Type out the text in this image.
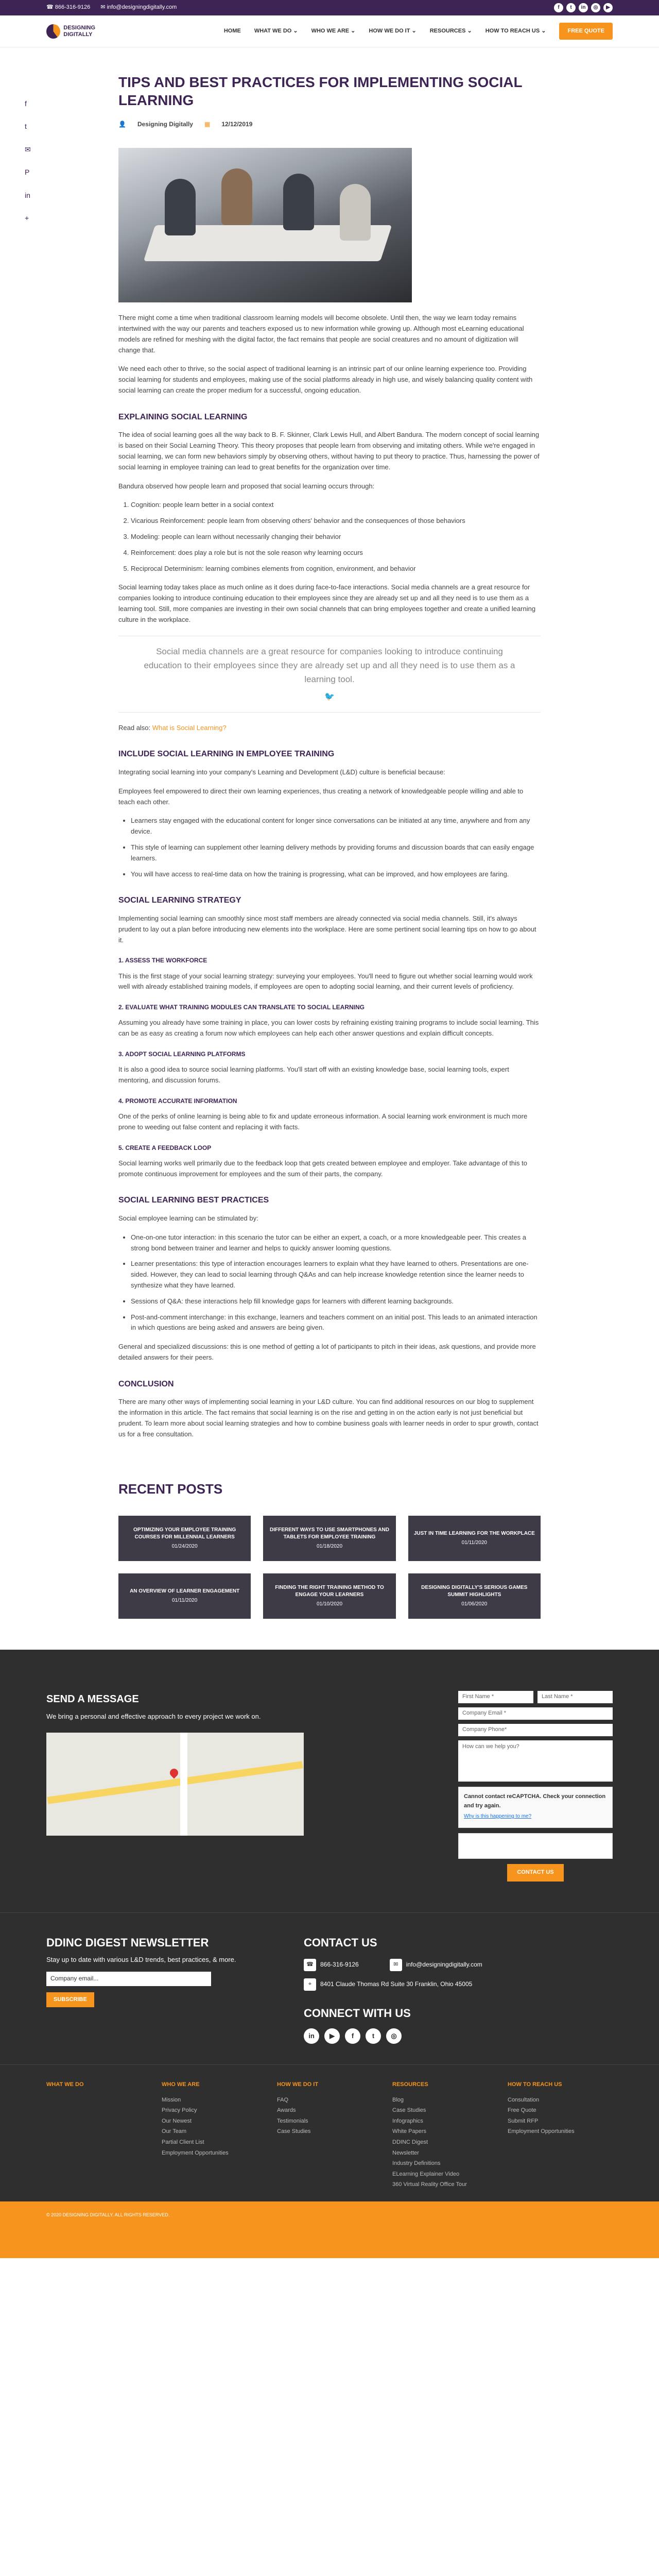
☎ 866-316-9126 ✉ info@designingdigitally.com	f	t	in	◎	▶
DESIGNING
DIGITALLY
HOME WHAT WE DO ⌄ WHO WE ARE ⌄ HOW WE DO IT ⌄ RESOURCES ⌄ HOW TO REACH US ⌄	FREE QUOTE
f
t
✉
P
in
+
TIPS AND BEST PRACTICES FOR IMPLEMENTING SOCIAL LEARNING
👤 Designing Digitally ▦ 12/12/2019

There might come a time when traditional classroom learning models will become obsolete. Until then, the way we learn today remains intertwined with the way our parents and teachers exposed us to new information while growing up. Although most eLearning educational models are refined for meshing with the digital factor, the fact remains that people are social creatures and no amount of digitization will change that.

We need each other to thrive, so the social aspect of traditional learning is an intrinsic part of our online learning experience too. Providing social learning for students and employees, making use of the social platforms already in high use, and wisely balancing quality content with social learning can create the proper medium for a successful, ongoing education.

EXPLAINING SOCIAL LEARNING

The idea of social learning goes all the way back to B. F. Skinner, Clark Lewis Hull, and Albert Bandura. The modern concept of social learning is based on their Social Learning Theory. This theory proposes that people learn from observing and imitating others. While we're engaged in social learning, we can form new behaviors simply by observing others, without having to put theory to practice. Thus, harnessing the power of social learning in employee training can lead to great benefits for the organization over time.

Bandura observed how people learn and proposed that social learning occurs through:

1. Cognition: people learn better in a social context
2. Vicarious Reinforcement: people learn from observing others' behavior and the consequences of those behaviors
3. Modeling: people can learn without necessarily changing their behavior
4. Reinforcement: does play a role but is not the sole reason why learning occurs
5. Reciprocal Determinism: learning combines elements from cognition, environment, and behavior

Social learning today takes place as much online as it does during face-to-face interactions. Social media channels are a great resource for companies looking to introduce continuing education to their employees since they are already set up and all they need is to use them as a learning tool. Still, more companies are investing in their own social channels that can bring employees together and create a unified learning culture in the workplace.

Social media channels are a great resource for companies looking to introduce continuing education to their employees since they are already set up and all they need is to use them as a learning tool.
🐦

Read also: What is Social Learning?

INCLUDE SOCIAL LEARNING IN EMPLOYEE TRAINING

Integrating social learning into your company's Learning and Development (L&D) culture is beneficial because:

Employees feel empowered to direct their own learning experiences, thus creating a network of knowledgeable people willing and able to teach each other.

• Learners stay engaged with the educational content for longer since conversations can be initiated at any time, anywhere and from any device.
• This style of learning can supplement other learning delivery methods by providing forums and discussion boards that can easily engage learners.
• You will have access to real-time data on how the training is progressing, what can be improved, and how employees are faring.
SOCIAL LEARNING STRATEGY

Implementing social learning can smoothly since most staff members are already connected via social media channels. Still, it's always prudent to lay out a plan before introducing new elements into the workplace. Here are some pertinent social learning tips on how to go about it.

1. ASSESS THE WORKFORCE

This is the first stage of your social learning strategy: surveying your employees. You'll need to figure out whether social learning would work well with already established training models, if employees are open to adopting social learning, and their current levels of proficiency.

2. EVALUATE WHAT TRAINING MODULES CAN TRANSLATE TO SOCIAL LEARNING

Assuming you already have some training in place, you can lower costs by refraining existing training programs to include social learning. This can be as easy as creating a forum now which employees can help each other answer questions and explain difficult concepts.

3. ADOPT SOCIAL LEARNING PLATFORMS

It is also a good idea to source social learning platforms. You'll start off with an existing knowledge base, social learning tools, expert mentoring, and discussion forums.

4. PROMOTE ACCURATE INFORMATION

One of the perks of online learning is being able to fix and update erroneous information. A social learning work environment is much more prone to weeding out false content and replacing it with facts.

5. CREATE A FEEDBACK LOOP

Social learning works well primarily due to the feedback loop that gets created between employee and employer. Take advantage of this to promote continuous improvement for employees and the sum of their parts, the company.

SOCIAL LEARNING BEST PRACTICES

Social employee learning can be stimulated by:

• One-on-one tutor interaction: in this scenario the tutor can be either an expert, a coach, or a more knowledgeable peer. This creates a strong bond between trainer and learner and helps to quickly answer looming questions.
• Learner presentations: this type of interaction encourages learners to explain what they have learned to others. Presentations are one-sided. However, they can lead to social learning through Q&As and can help increase knowledge retention since the learner needs to synthesize what they have learned.
• Sessions of Q&A: these interactions help fill knowledge gaps for learners with different learning backgrounds.
• Post-and-comment interchange: in this exchange, learners and teachers comment on an initial post. This leads to an animated interaction in which questions are being asked and answers are being given.

General and specialized discussions: this is one method of getting a lot of participants to pitch in their ideas, ask questions, and provide more detailed answers for their peers.

CONCLUSION

There are many other ways of implementing social learning in your L&D culture. You can find additional resources on our blog to supplement the information in this article. The fact remains that social learning is on the rise and getting in on the action early is not just beneficial but prudent. To learn more about social learning strategies and how to combine business goals with learner needs in order to spur growth, contact us for a free consultation.

RECENT POSTS
OPTIMIZING YOUR EMPLOYEE TRAINING COURSES FOR MILLENNIAL LEARNERS
01/24/2020
DIFFERENT WAYS TO USE SMARTPHONES AND TABLETS FOR EMPLOYEE TRAINING
01/18/2020
JUST IN TIME LEARNING FOR THE WORKPLACE
01/11/2020
AN OVERVIEW OF LEARNER ENGAGEMENT
01/11/2020
FINDING THE RIGHT TRAINING METHOD TO ENGAGE YOUR LEARNERS
01/10/2020
DESIGNING DIGITALLY'S SERIOUS GAMES SUMMIT HIGHLIGHTS
01/06/2020
SEND A MESSAGE
We bring a personal and effective approach to every project we work on.
First Name *	Last Name *
Company Email *
Company Phone*
How can we help you?
Cannot contact reCAPTCHA. Check your connection and try again.
Why is this happening to me?
CONTACT US
DDINC DIGEST NEWSLETTER
Stay up to date with various L&D trends, best practices, & more.
Company email...
SUBSCRIBE
CONTACT US
☎	866-316-9126	✉	info@designingdigitally.com
⌖	8401 Claude Thomas Rd Suite 30 Franklin, Ohio 45005
CONNECT WITH US
in	▶	f	t	◎
WHAT WE DO	WHO WE ARE
Mission
Privacy Policy
Our Newest
Our Team
Partial Client List
Employment Opportunities
HOW WE DO IT
FAQ
Awards
Testimonials
Case Studies
RESOURCES
Blog
Case Studies
Infographics
White Papers
DDINC Digest
Newsletter
Industry Definitions
ELearning Explainer Video
360 Virtual Reality Office Tour
HOW TO REACH US
Consultation
Free Quote
Submit RFP
Employment Opportunities
© 2020 DESIGNING DIGITALLY. ALL RIGHTS RESERVED.
